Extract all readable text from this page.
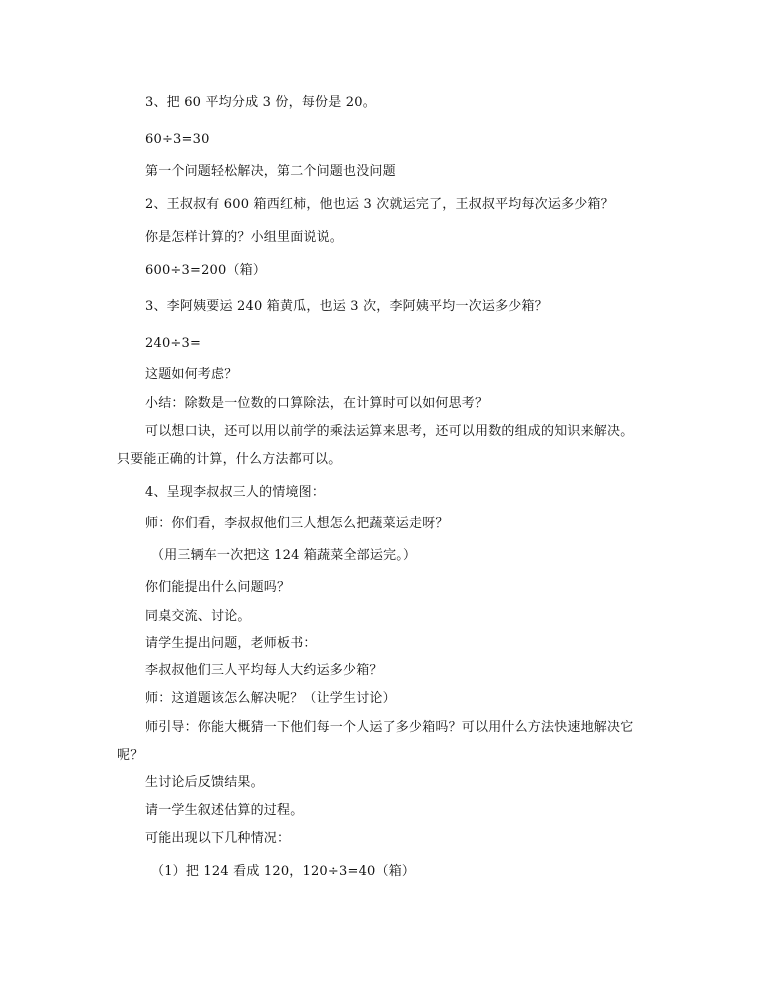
3、把 60 平均分成 3 份，每份是 20。
60÷3=30
第一个问题轻松解决，第二个问题也没问题
2、王叔叔有 600 箱西红柿，他也运 3 次就运完了，王叔叔平均每次运多少箱？
你是怎样计算的？小组里面说说。
600÷3=200（箱）
3、李阿姨要运 240 箱黄瓜，也运 3 次，李阿姨平均一次运多少箱？
240÷3=
这题如何考虑？
小结：除数是一位数的口算除法，在计算时可以如何思考？
可以想口诀，还可以用以前学的乘法运算来思考，还可以用数的组成的知识来解决。
只要能正确的计算，什么方法都可以。
4、呈现李叔叔三人的情境图：
师：你们看，李叔叔他们三人想怎么把蔬菜运走呀？
（用三辆车一次把这 124 箱蔬菜全部运完。）
你们能提出什么问题吗？
同桌交流、讨论。
请学生提出问题，老师板书：
李叔叔他们三人平均每人大约运多少箱？
师：这道题该怎么解决呢？（让学生讨论）
师引导：你能大概猜一下他们每一个人运了多少箱吗？可以用什么方法快速地解决它
呢？
生讨论后反馈结果。
请一学生叙述估算的过程。
可能出现以下几种情况：
（1）把 124 看成 120，120÷3=40（箱）
